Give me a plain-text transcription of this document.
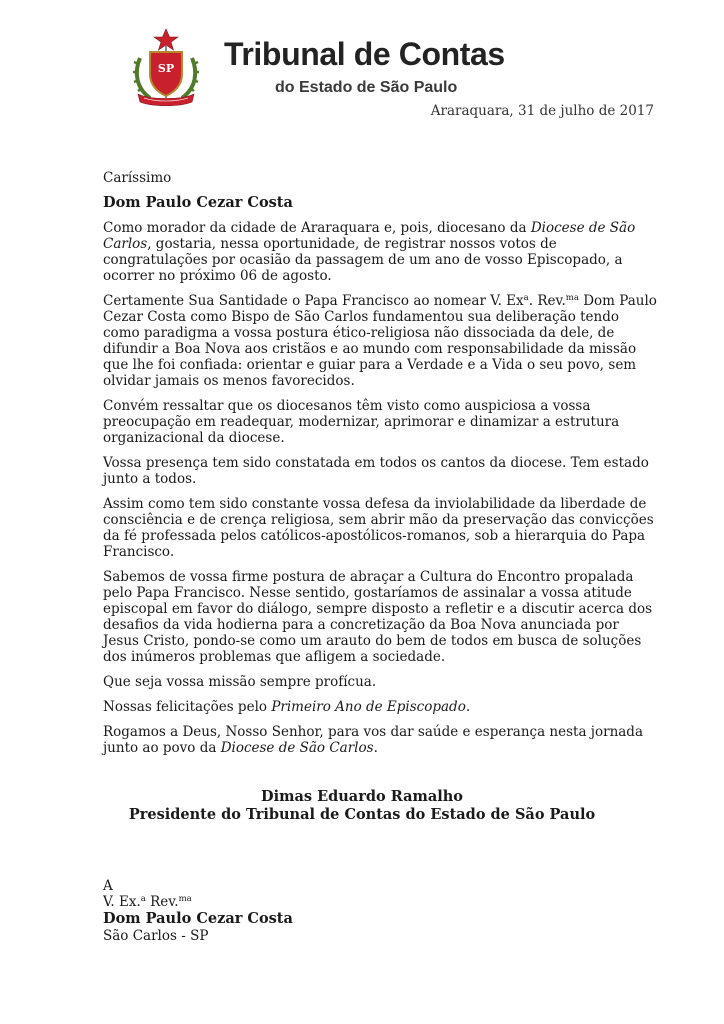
SP Tribunal de Contas
do Estado de São Paulo
Araraquara, 31 de julho de 2017

Caríssimo

Dom Paulo Cezar Costa

Como morador da cidade de Araraquara e, pois, diocesano da Diocese de São Carlos, gostaria, nessa oportunidade, de registrar nossos votos de congratulações por ocasião da passagem de um ano de vosso Episcopado, a ocorrer no próximo 06 de agosto.

Certamente Sua Santidade o Papa Francisco ao nomear V. Ex$^a$. Rev.$^{ma}$ Dom Paulo Cezar Costa como Bispo de São Carlos fundamentou sua deliberação tendo como paradigma a vossa postura ético-religiosa não dissociada da dele, de difundir a Boa Nova aos cristãos e ao mundo com responsabilidade da missão que lhe foi confiada: orientar e guiar para a Verdade e a Vida o seu povo, sem olvidar jamais os menos favorecidos.

Convém ressaltar que os diocesanos têm visto como auspiciosa a vossa preocupação em readequar, modernizar, aprimorar e dinamizar a estrutura organizacional da diocese.

Vossa presença tem sido constatada em todos os cantos da diocese. Tem estado junto a todos.

Assim como tem sido constante vossa defesa da inviolabilidade da liberdade de consciência e de crença religiosa, sem abrir mão da preservação das convicções da fé professada pelos católicos-apostólicos-romanos, sob a hierarquia do Papa Francisco.

Sabemos de vossa firme postura de abraçar a Cultura do Encontro propalada pelo Papa Francisco. Nesse sentido, gostaríamos de assinalar a vossa atitude episcopal em favor do diálogo, sempre disposto a refletir e a discutir acerca dos desafios da vida hodierna para a concretização da Boa Nova anunciada por Jesus Cristo, pondo-se como um arauto do bem de todos em busca de soluções dos inúmeros problemas que afligem a sociedade.

Que seja vossa missão sempre profícua.

Nossas felicitações pelo Primeiro Ano de Episcopado.

Rogamos a Deus, Nosso Senhor, para vos dar saúde e esperança nesta jornada junto ao povo da Diocese de São Carlos.

Dimas Eduardo Ramalho
Presidente do Tribunal de Contas do Estado de São Paulo
A
V. Ex.$^a$ Rev.$^{ma}$
Dom Paulo Cezar Costa
São Carlos - SP
